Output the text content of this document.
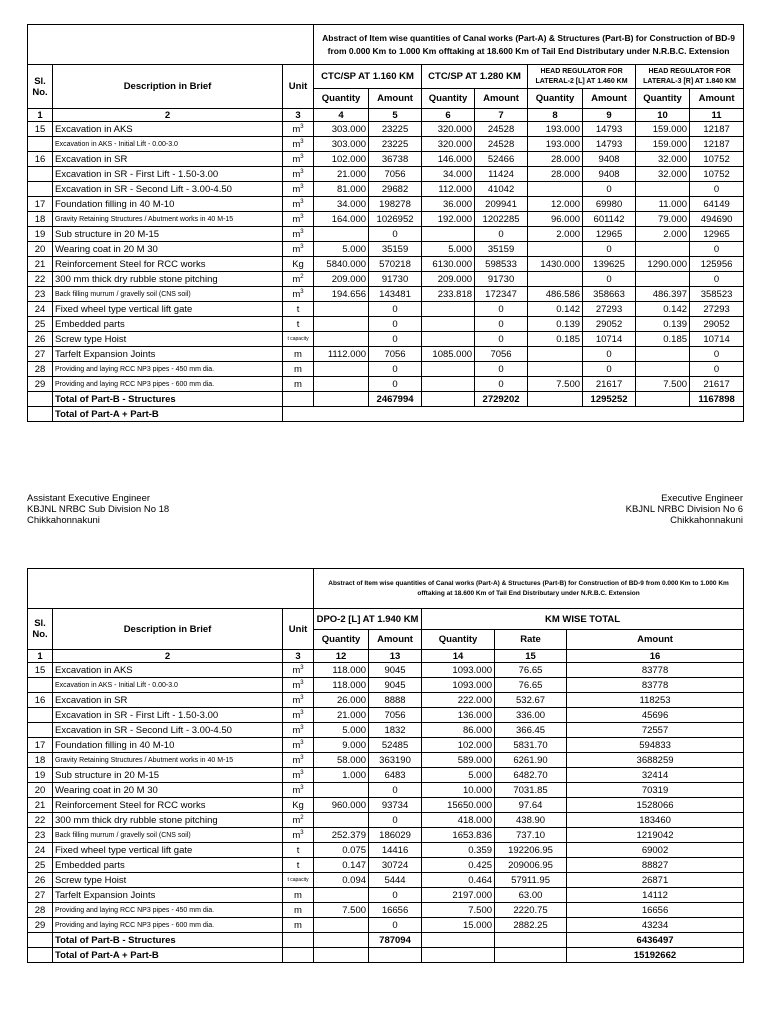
			Abstract of Item wise quantities of Canal works (Part-A) & Structures (Part-B) for Construction of BD-9 from 0.000 Km to 1.000 Km offtaking at 18.600 Km of Tail End Distributary under N.R.B.C. Extension							
Sl. No.	Description in Brief	Unit	CTC/SP AT 1.160 KM		CTC/SP AT 1.280 KM		HEAD REGULATOR FOR LATERAL-2 [L] AT 1.460 KM		HEAD REGULATOR FOR LATERAL-3 [R] AT 1.840 KM	
			Quantity	Amount	Quantity	Amount	Quantity	Amount	Quantity	Amount
1	2	3	4	5	6	7	8	9	10	11
15	Excavation in AKS	$m^3$	303.000	23225	320.000	24528	193.000	14793	159.000	12187
	Excavation in AKS - Initial Lift - 0.00-3.0	$m^3$	303.000	23225	320.000	24528	193.000	14793	159.000	12187
16	Excavation in SR	$m^3$	102.000	36738	146.000	52466	28.000	9408	32.000	10752
	Excavation in SR - First Lift - 1.50-3.00	$m^3$	21.000	7056	34.000	11424	28.000	9408	32.000	10752
	Excavation in SR - Second Lift - 3.00-4.50	$m^3$	81.000	29682	112.000	41042		0		0
17	Foundation filling in 40 M-10	$m^3$	34.000	198278	36.000	209941	12.000	69980	11.000	64149
18	Gravity Retaining Structures / Abutment works in 40 M-15	$m^3$	164.000	1026952	192.000	1202285	96.000	601142	79.000	494690
19	Sub structure in 20 M-15	$m^3$		0		0	2.000	12965	2.000	12965
20	Wearing coat in 20 M 30	$m^3$	5.000	35159	5.000	35159		0		0
21	Reinforcement Steel for RCC works	Kg	5840.000	570218	6130.000	598533	1430.000	139625	1290.000	125956
22	300 mm thick dry rubble stone pitching	$m^2$	209.000	91730	209.000	91730		0		0
23	Back filling murrum / gravelly soil (CNS soil)	$m^3$	194.656	143481	233.818	172347	486.586	358663	486.397	358523
24	Fixed wheel type vertical lift gate	t		0		0	0.142	27293	0.142	27293
25	Embedded parts	t		0		0	0.139	29052	0.139	29052
26	Screw type Hoist	t capacity		0		0	0.185	10714	0.185	10714
27	Tarfelt Expansion Joints	m	1112.000	7056	1085.000	7056		0		0
28	Providing and laying RCC NP3 pipes - 450 mm dia.	m		0		0		0		0
29	Providing and laying RCC NP3 pipes - 600 mm dia.	m		0		0	7.500	21617	7.500	21617
	Total of Part-B - Structures			2467994		2729202		1295252		1167898
	Total of Part-A + Part-B									
Assistant Executive Engineer
KBJNL NRBC Sub Division No 18
Chikkahonnakuni
Executive Engineer
KBJNL NRBC Division No 6
Chikkahonnakuni
			Abstract of Item wise quantities of Canal works (Part-A) & Structures (Part-B) for Construction of BD-9 from 0.000 Km to 1.000 Km offtaking at 18.600 Km of Tail End Distributary under N.R.B.C. Extension				
Sl. No.	Description in Brief	Unit	DPO-2 [L] AT 1.940 KM		KM WISE TOTAL		
			Quantity	Amount	Quantity	Rate	Amount
1	2	3	12	13	14	15	16
15	Excavation in AKS	$m^3$	118.000	9045	1093.000	76.65	83778
	Excavation in AKS - Initial Lift - 0.00-3.0	$m^3$	118.000	9045	1093.000	76.65	83778
16	Excavation in SR	$m^3$	26.000	8888	222.000	532.67	118253
	Excavation in SR - First Lift - 1.50-3.00	$m^3$	21.000	7056	136.000	336.00	45696
	Excavation in SR - Second Lift - 3.00-4.50	$m^3$	5.000	1832	86.000	366.45	72557
17	Foundation filling in 40 M-10	$m^3$	9.000	52485	102.000	5831.70	594833
18	Gravity Retaining Structures / Abutment works in 40 M-15	$m^3$	58.000	363190	589.000	6261.90	3688259
19	Sub structure in 20 M-15	$m^3$	1.000	6483	5.000	6482.70	32414
20	Wearing coat in 20 M 30	$m^3$		0	10.000	7031.85	70319
21	Reinforcement Steel for RCC works	Kg	960.000	93734	15650.000	97.64	1528066
22	300 mm thick dry rubble stone pitching	$m^2$		0	418.000	438.90	183460
23	Back filling murrum / gravelly soil (CNS soil)	$m^3$	252.379	186029	1653.836	737.10	1219042
24	Fixed wheel type vertical lift gate	t	0.075	14416	0.359	192206.95	69002
25	Embedded parts	t	0.147	30724	0.425	209006.95	88827
26	Screw type Hoist	t capacity	0.094	5444	0.464	57911.95	26871
27	Tarfelt Expansion Joints	m		0	2197.000	63.00	14112
28	Providing and laying RCC NP3 pipes - 450 mm dia.	m	7.500	16656	7.500	2220.75	16656
29	Providing and laying RCC NP3 pipes - 600 mm dia.	m		0	15.000	2882.25	43234
	Total of Part-B - Structures			787094			6436497
	Total of Part-A + Part-B						15192662
